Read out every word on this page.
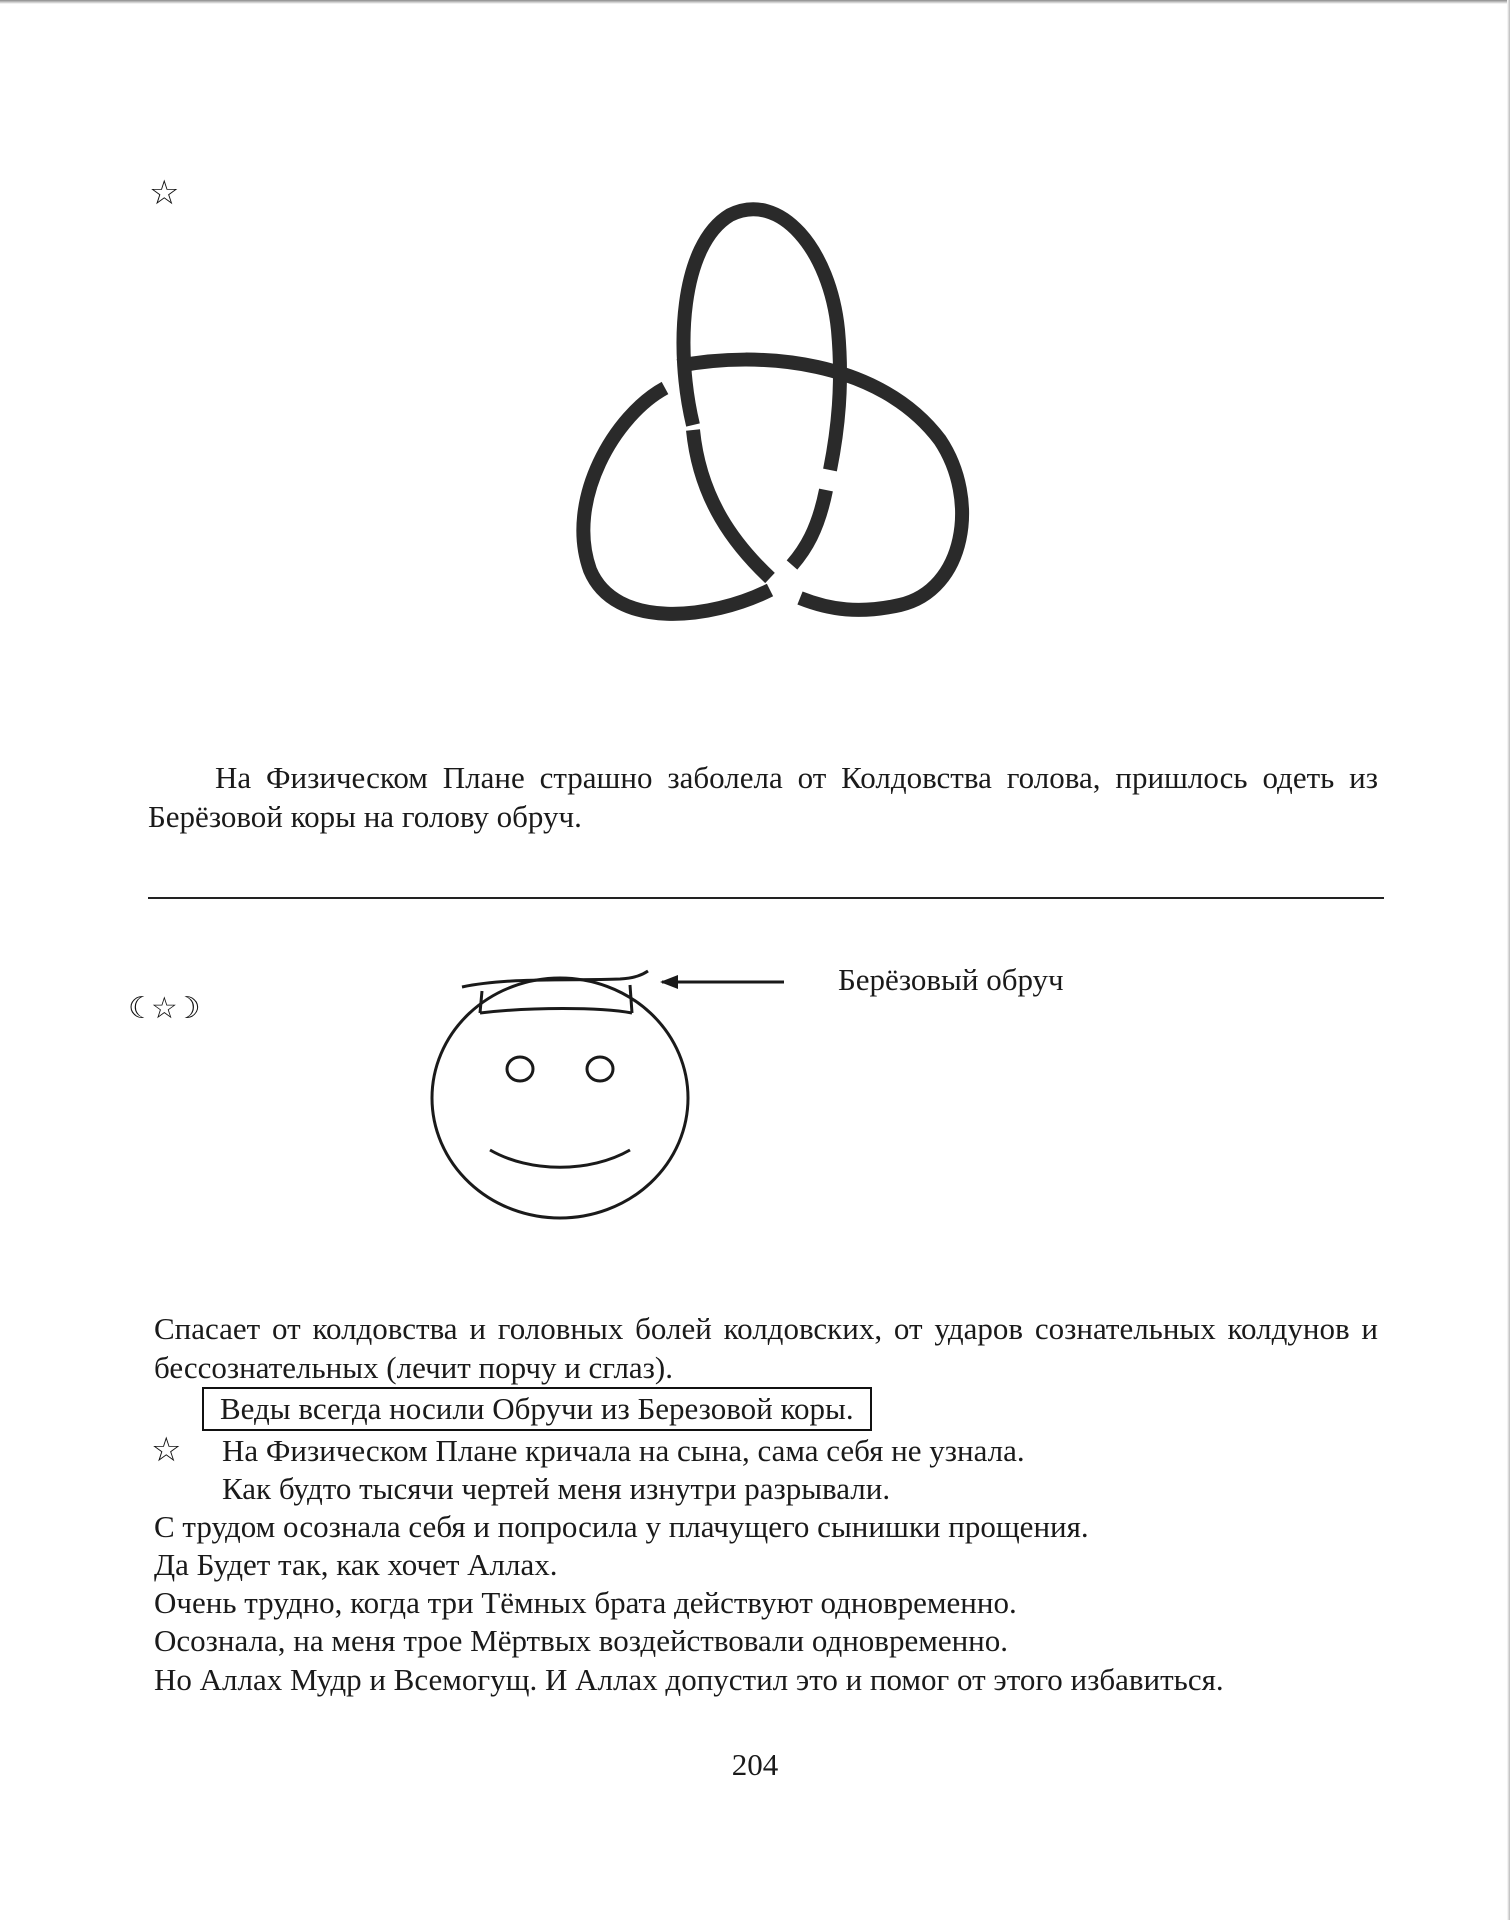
☆

На Физическом Плане страшно заболела от Колдовства голова, пришлось одеть из Берёзовой коры на голову обруч.

☾☆☽
Берёзовый обруч

Спасает от колдовства и головных болей колдовских, от ударов сознательных колдунов и бессознательных (лечит порчу и сглаз).

Веды всегда носили Обручи из Березовой коры.
☆ На Физическом Плане кричала на сына, сама себя не узнала.
Как будто тысячи чертей меня изнутри разрывали.
С трудом осознала себя и попросила у плачущего сынишки прощения.
Да Будет так, как хочет Аллах.
Очень трудно, когда три Тёмных брата действуют одновременно.
Осознала, на меня трое Мёртвых воздействовали одновременно.
Но Аллах Мудр и Всемогущ. И Аллах допустил это и помог от этого избавиться.
204
